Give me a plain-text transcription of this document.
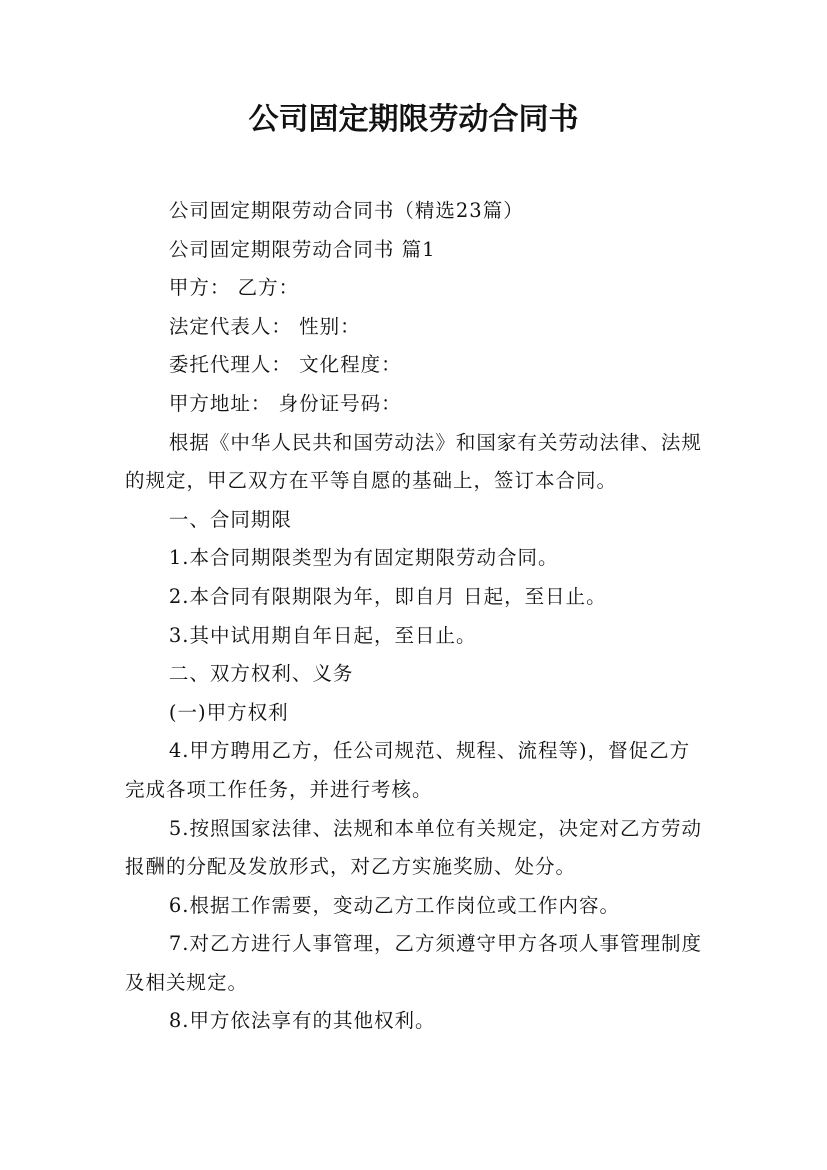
公司固定期限劳动合同书

公司固定期限劳动合同书（精选23篇）

公司固定期限劳动合同书 篇1

甲方： 乙方：

法定代表人： 性别：

委托代理人： 文化程度：

甲方地址： 身份证号码：

根据《中华人民共和国劳动法》和国家有关劳动法律、法规的规定，甲乙双方在平等自愿的基础上，签订本合同。

一、合同期限

1.本合同期限类型为有固定期限劳动合同。

2.本合同有限期限为年，即自月 日起，至日止。

3.其中试用期自年日起，至日止。

二、双方权利、义务

(一)甲方权利

4.甲方聘用乙方，任公司规范、规程、流程等)，督促乙方完成各项工作任务，并进行考核。

5.按照国家法律、法规和本单位有关规定，决定对乙方劳动报酬的分配及发放形式，对乙方实施奖励、处分。

6.根据工作需要，变动乙方工作岗位或工作内容。

7.对乙方进行人事管理，乙方须遵守甲方各项人事管理制度及相关规定。

8.甲方依法享有的其他权利。
